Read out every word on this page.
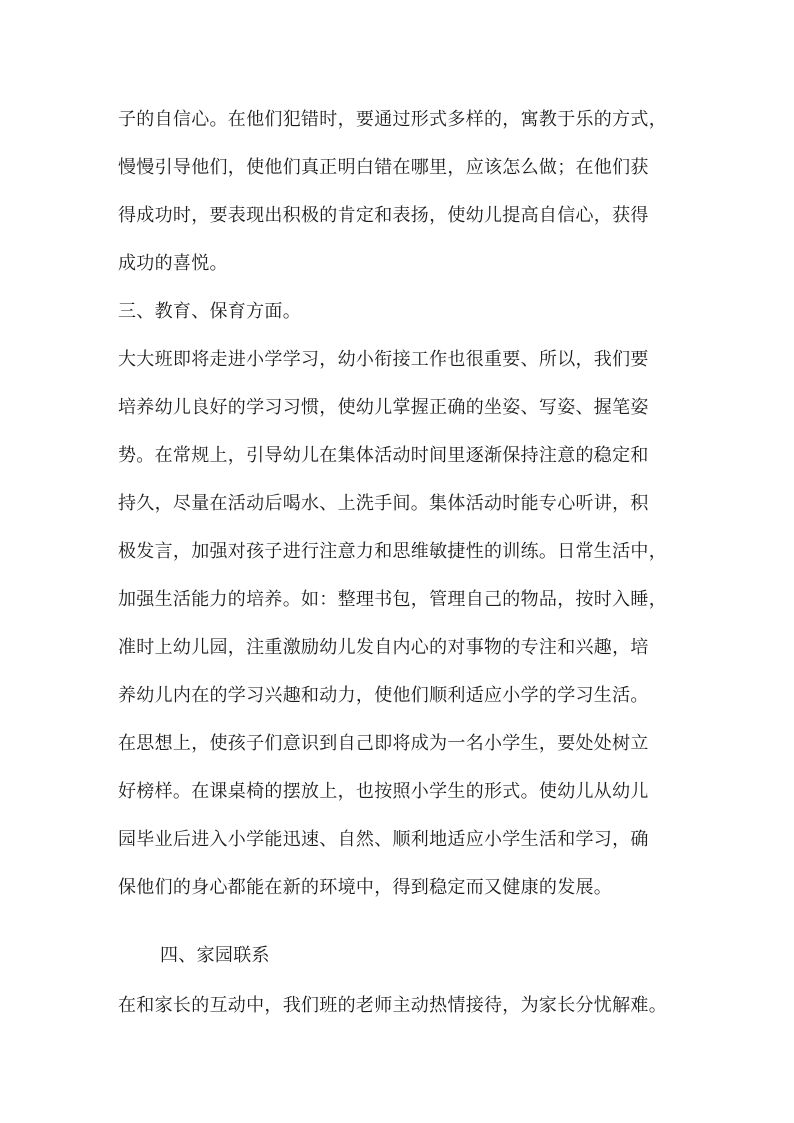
子的自信心。在他们犯错时，要通过形式多样的，寓教于乐的方式，
慢慢引导他们，使他们真正明白错在哪里，应该怎么做；在他们获
得成功时，要表现出积极的肯定和表扬，使幼儿提高自信心，获得
成功的喜悦。
三、教育、保育方面。
大大班即将走进小学学习，幼小衔接工作也很重要、所以，我们要
培养幼儿良好的学习习惯，使幼儿掌握正确的坐姿、写姿、握笔姿
势。在常规上，引导幼儿在集体活动时间里逐渐保持注意的稳定和
持久，尽量在活动后喝水、上洗手间。集体活动时能专心听讲，积
极发言，加强对孩子进行注意力和思维敏捷性的训练。日常生活中，
加强生活能力的培养。如：整理书包，管理自己的物品，按时入睡，
准时上幼儿园，注重激励幼儿发自内心的对事物的专注和兴趣，培
养幼儿内在的学习兴趣和动力，使他们顺利适应小学的学习生活。
在思想上，使孩子们意识到自己即将成为一名小学生，要处处树立
好榜样。在课桌椅的摆放上，也按照小学生的形式。使幼儿从幼儿
园毕业后进入小学能迅速、自然、顺利地适应小学生活和学习，确
保他们的身心都能在新的环境中，得到稳定而又健康的发展。
四、家园联系
在和家长的互动中，我们班的老师主动热情接待，为家长分忧解难。
